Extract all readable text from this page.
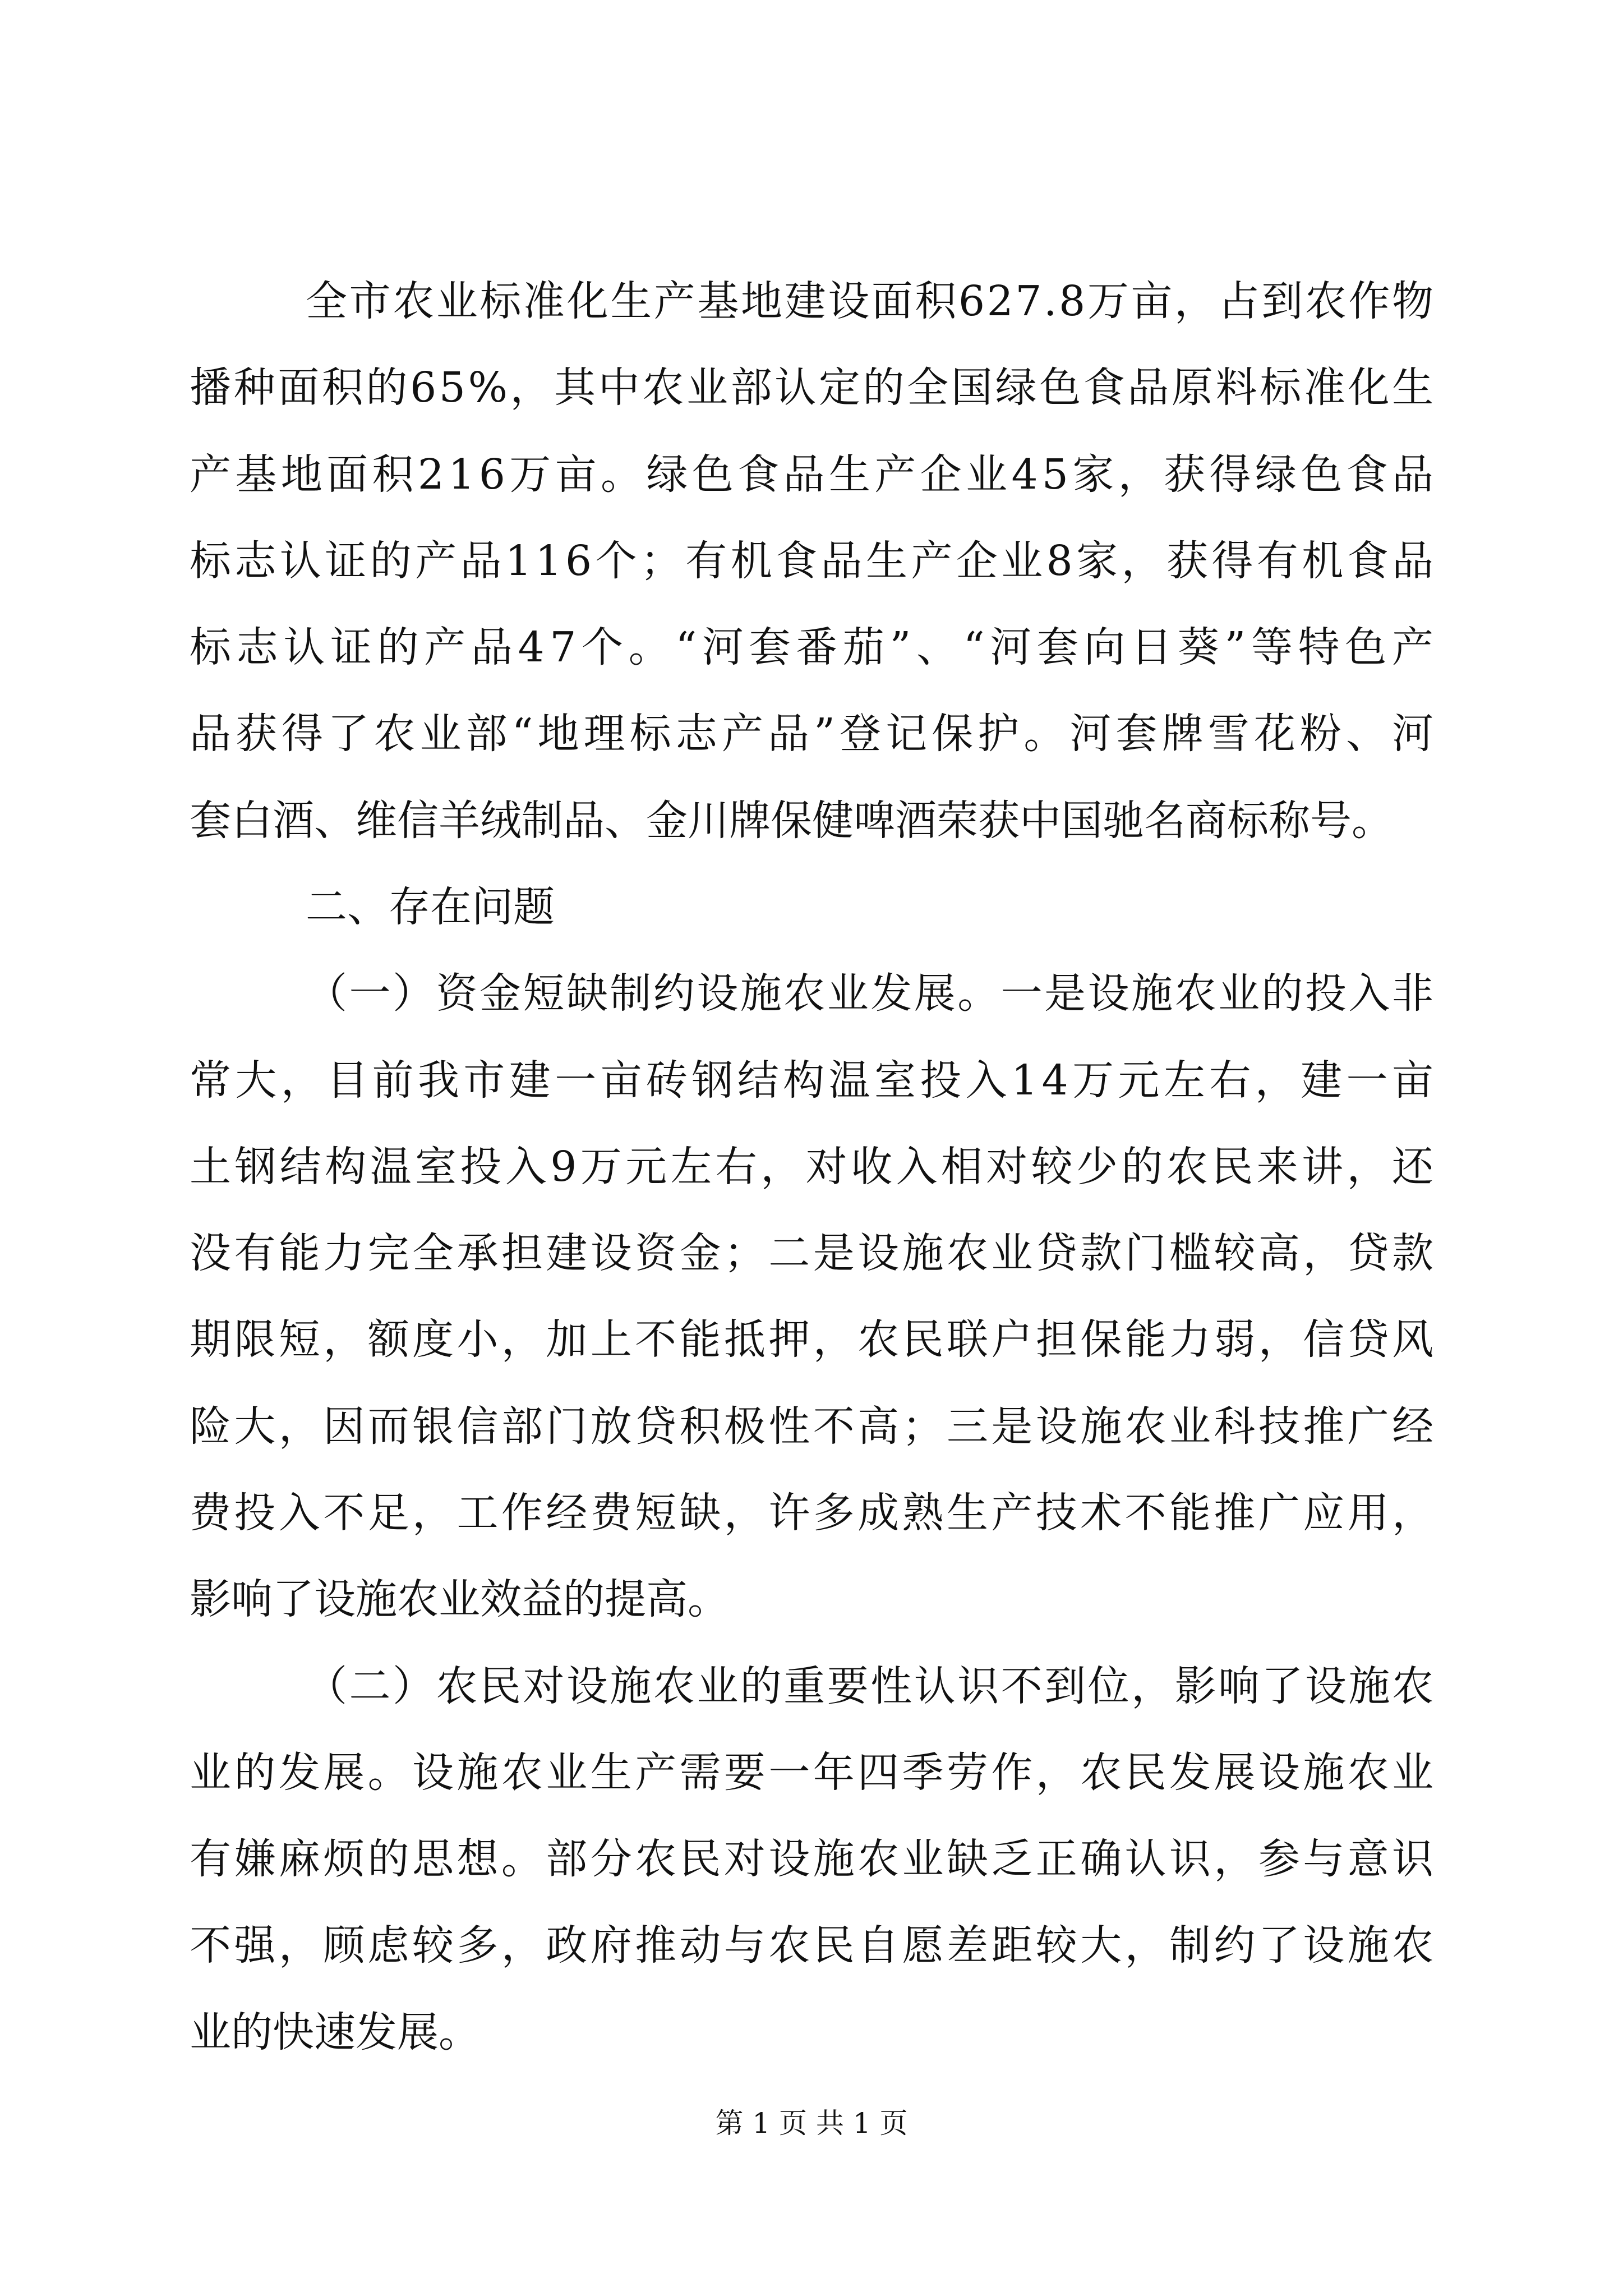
全市农业标准化生产基地建设面积627.8万亩，占到农作物
播种面积的65%，其中农业部认定的全国绿色食品原料标准化生
产基地面积216万亩。绿色食品生产企业45家，获得绿色食品
标志认证的产品116个；有机食品生产企业8家，获得有机食品
标志认证的产品47个。“河套番茄”、“河套向日葵”等特色产
品获得了农业部“地理标志产品”登记保护。河套牌雪花粉、河
套白酒、维信羊绒制品、金川牌保健啤酒荣获中国驰名商标称号。
二、存在问题
（一）资金短缺制约设施农业发展。一是设施农业的投入非
常大，目前我市建一亩砖钢结构温室投入14万元左右，建一亩
土钢结构温室投入9万元左右，对收入相对较少的农民来讲，还
没有能力完全承担建设资金；二是设施农业贷款门槛较高，贷款
期限短，额度小，加上不能抵押，农民联户担保能力弱，信贷风
险大，因而银信部门放贷积极性不高；三是设施农业科技推广经
费投入不足，工作经费短缺，许多成熟生产技术不能推广应用，
影响了设施农业效益的提高。
（二）农民对设施农业的重要性认识不到位，影响了设施农
业的发展。设施农业生产需要一年四季劳作，农民发展设施农业
有嫌麻烦的思想。部分农民对设施农业缺乏正确认识，参与意识
不强，顾虑较多，政府推动与农民自愿差距较大，制约了设施农
业的快速发展。
第 1 页 共 1 页
